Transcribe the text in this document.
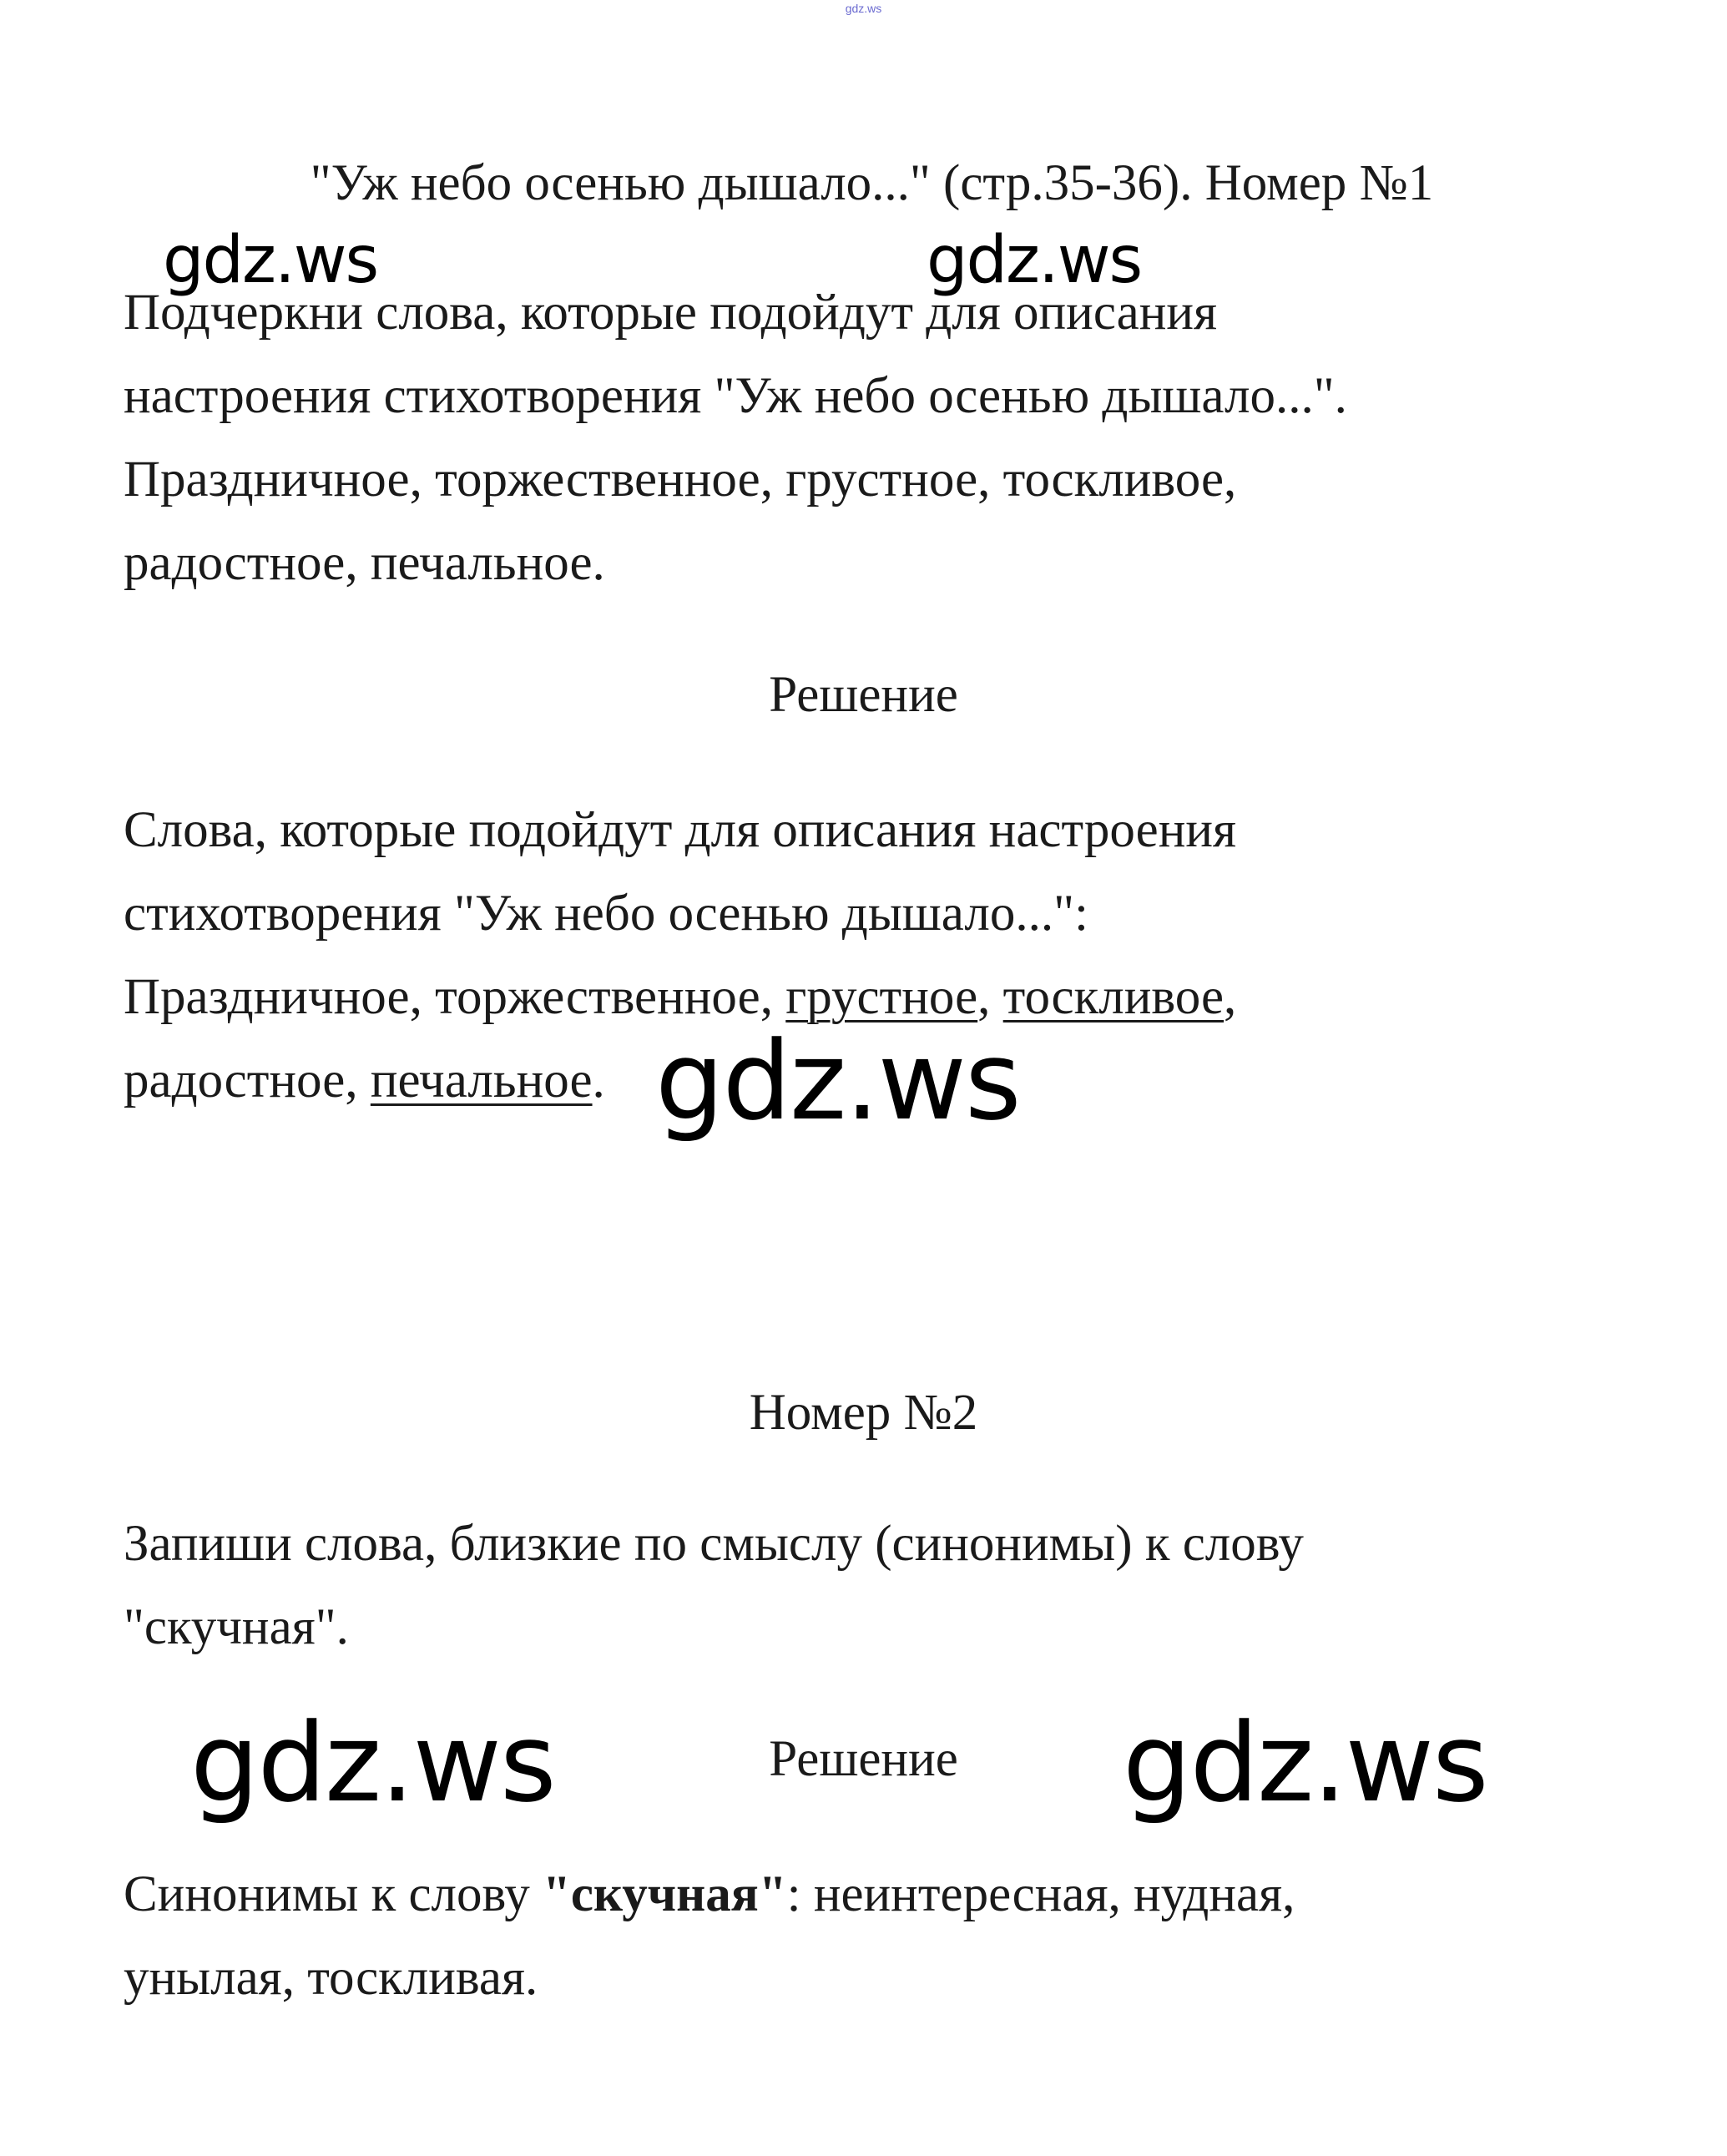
gdz.ws
"Уж небо осенью дышало..." (стр.35-36). Номер №1
Подчеркни слова, которые подойдут для описания
настроения стихотворения "Уж небо осенью дышало...".
Праздничное, торжественное, грустное, тоскливое,
радостное, печальное.
Решение
Слова, которые подойдут для описания настроения
стихотворения "Уж небо осенью дышало...":
Праздничное, торжественное, грустное, тоскливое,
радостное, печальное.
Номер №2
Запиши слова, близкие по смыслу (синонимы) к слову
"скучная".
Решение
Синонимы к слову "скучная": неинтересная, нудная,
унылая, тоскливая.
gdz.ws	gdz.ws
gdz.ws
gdz.ws	gdz.ws
